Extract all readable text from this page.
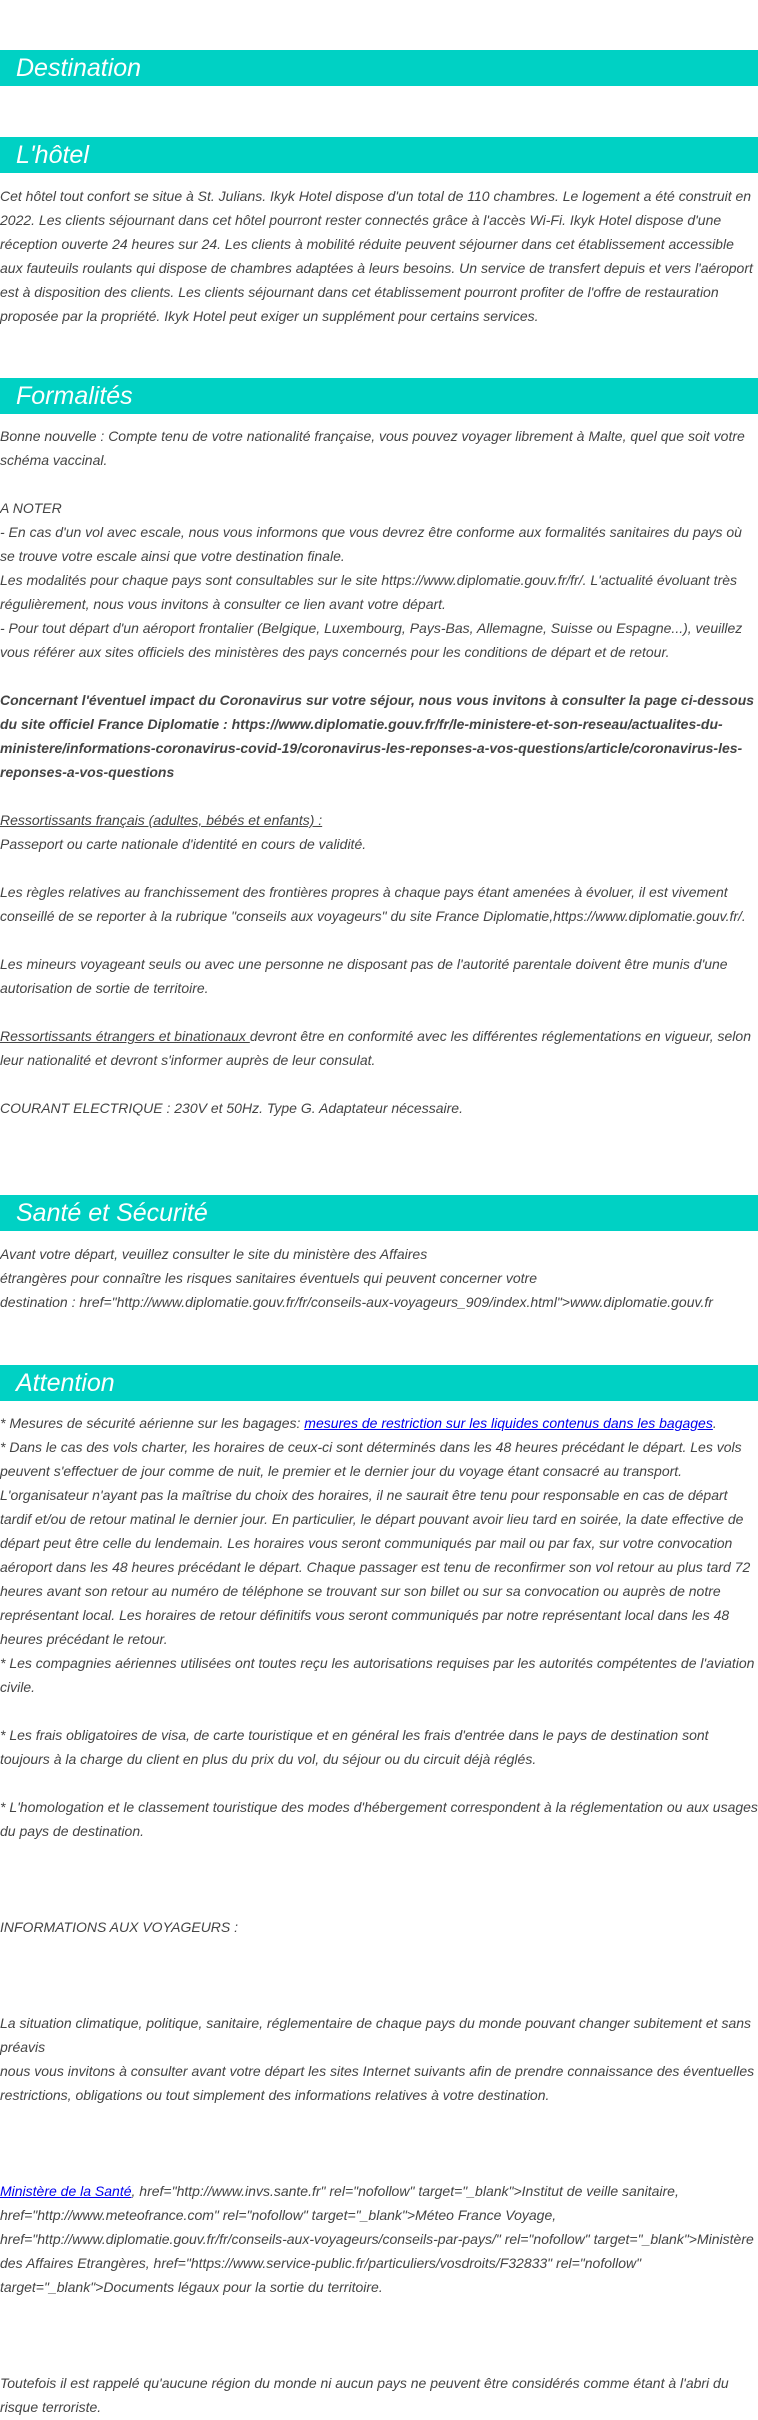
Destination
L'hôtel

Cet hôtel tout confort se situe à St. Julians. Ikyk Hotel dispose d'un total de 110 chambres. Le logement a été construit en 2022. Les clients séjournant dans cet hôtel pourront rester connectés grâce à l'accès Wi-Fi. Ikyk Hotel dispose d'une réception ouverte 24 heures sur 24. Les clients à mobilité réduite peuvent séjourner dans cet établissement accessible aux fauteuils roulants qui dispose de chambres adaptées à leurs besoins. Un service de transfert depuis et vers l'aéroport est à disposition des clients. Les clients séjournant dans cet établissement pourront profiter de l'offre de restauration proposée par la propriété. Ikyk Hotel peut exiger un supplément pour certains services.

Formalités

Bonne nouvelle : Compte tenu de votre nationalité française, vous pouvez voyager librement à Malte, quel que soit votre schéma vaccinal.

A NOTER

- En cas d'un vol avec escale, nous vous informons que vous devrez être conforme aux formalités sanitaires du pays où se trouve votre escale ainsi que votre destination finale.

Les modalités pour chaque pays sont consultables sur le site https://www.diplomatie.gouv.fr/fr/. L'actualité évoluant très régulièrement, nous vous invitons à consulter ce lien avant votre départ.

- Pour tout départ d'un aéroport frontalier (Belgique, Luxembourg, Pays-Bas, Allemagne, Suisse ou Espagne...), veuillez vous référer aux sites officiels des ministères des pays concernés pour les conditions de départ et de retour.

Concernant l'éventuel impact du Coronavirus sur votre séjour, nous vous invitons à consulter la page ci-dessous du site officiel France Diplomatie : https://www.diplomatie.gouv.fr/fr/le-ministere-et-son-reseau/actualites-du-ministere/informations-coronavirus-covid-19/coronavirus-les-reponses-a-vos-questions/article/coronavirus-les-reponses-a-vos-questions

Ressortissants français (adultes, bébés et enfants) :

Passeport ou carte nationale d'identité en cours de validité.

Les règles relatives au franchissement des frontières propres à chaque pays étant amenées à évoluer, il est vivement conseillé de se reporter à la rubrique "conseils aux voyageurs" du site France Diplomatie,https://www.diplomatie.gouv.fr/.

Les mineurs voyageant seuls ou avec une personne ne disposant pas de l'autorité parentale doivent être munis d'une autorisation de sortie de territoire.

Ressortissants étrangers et binationaux devront être en conformité avec les différentes réglementations en vigueur, selon leur nationalité et devront s'informer auprès de leur consulat.

COURANT ELECTRIQUE : 230V et 50Hz. Type G. Adaptateur nécessaire.

Santé et Sécurité

Avant votre départ, veuillez consulter le site du ministère des Affaires

étrangères pour connaître les risques sanitaires éventuels qui peuvent concerner votre

destination : href="http://www.diplomatie.gouv.fr/fr/conseils-aux-voyageurs_909/index.html">www.diplomatie.gouv.fr

Attention

* Mesures de sécurité aérienne sur les bagages: mesures de restriction sur les liquides contenus dans les bagages.

* Dans le cas des vols charter, les horaires de ceux-ci sont déterminés dans les 48 heures précédant le départ. Les vols peuvent s'effectuer de jour comme de nuit, le premier et le dernier jour du voyage étant consacré au transport. L'organisateur n'ayant pas la maîtrise du choix des horaires, il ne saurait être tenu pour responsable en cas de départ tardif et/ou de retour matinal le dernier jour. En particulier, le départ pouvant avoir lieu tard en soirée, la date effective de départ peut être celle du lendemain. Les horaires vous seront communiqués par mail ou par fax, sur votre convocation aéroport dans les 48 heures précédant le départ. Chaque passager est tenu de reconfirmer son vol retour au plus tard 72 heures avant son retour au numéro de téléphone se trouvant sur son billet ou sur sa convocation ou auprès de notre représentant local. Les horaires de retour définitifs vous seront communiqués par notre représentant local dans les 48 heures précédant le retour.

* Les compagnies aériennes utilisées ont toutes reçu les autorisations requises par les autorités compétentes de l'aviation civile.

* Les frais obligatoires de visa, de carte touristique et en général les frais d'entrée dans le pays de destination sont toujours à la charge du client en plus du prix du vol, du séjour ou du circuit déjà réglés.

* L'homologation et le classement touristique des modes d'hébergement correspondent à la réglementation ou aux usages du pays de destination.

INFORMATIONS AUX VOYAGEURS :

La situation climatique, politique, sanitaire, réglementaire de chaque pays du monde pouvant changer subitement et sans préavis

nous vous invitons à consulter avant votre départ les sites Internet suivants afin de prendre connaissance des éventuelles restrictions, obligations ou tout simplement des informations relatives à votre destination.

Ministère de la Santé, href="http://www.invs.sante.fr" rel="nofollow" target="_blank">Institut de veille sanitaire, href="http://www.meteofrance.com" rel="nofollow" target="_blank">Méteo France Voyage, href="http://www.diplomatie.gouv.fr/fr/conseils-aux-voyageurs/conseils-par-pays/" rel="nofollow" target="_blank">Ministère des Affaires Etrangères, href="https://www.service-public.fr/particuliers/vosdroits/F32833" rel="nofollow" target="_blank">Documents légaux pour la sortie du territoire.

Toutefois il est rappelé qu'aucune région du monde ni aucun pays ne peuvent être considérés comme étant à l'abri du risque terroriste.
